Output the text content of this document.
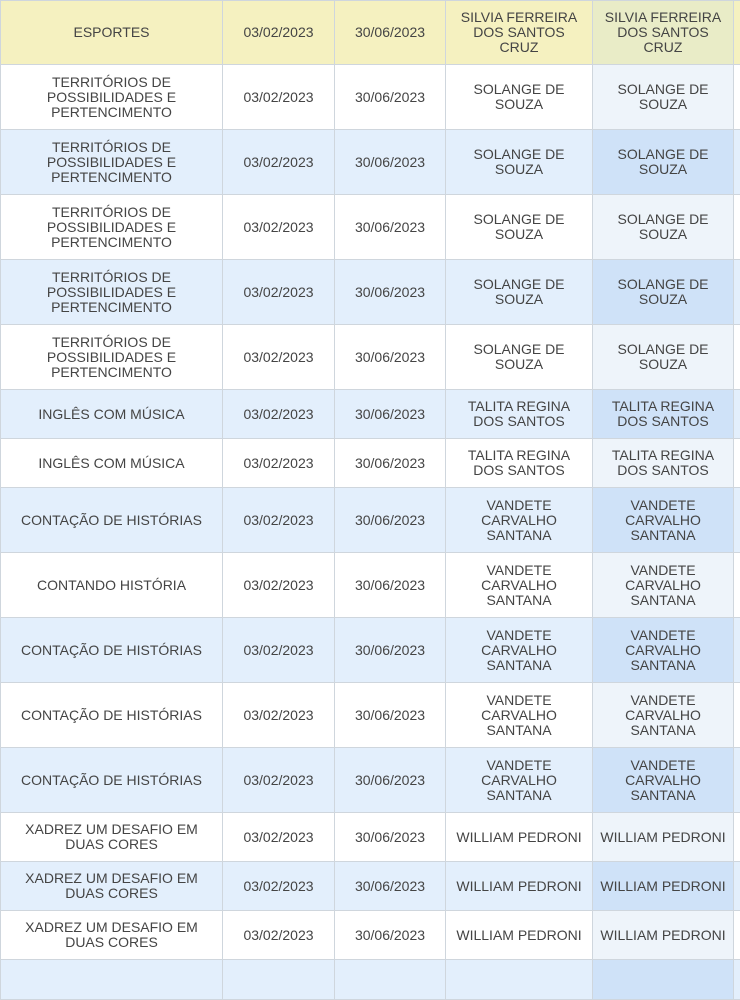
ESPORTES	03/02/2023	30/06/2023	SILVIA FERREIRA DOS SANTOS CRUZ	SILVIA FERREIRA DOS SANTOS CRUZ	
TERRITÓRIOS DE POSSIBILIDADES E PERTENCIMENTO	03/02/2023	30/06/2023	SOLANGE DE SOUZA	SOLANGE DE SOUZA	
TERRITÓRIOS DE POSSIBILIDADES E PERTENCIMENTO	03/02/2023	30/06/2023	SOLANGE DE SOUZA	SOLANGE DE SOUZA	
TERRITÓRIOS DE POSSIBILIDADES E PERTENCIMENTO	03/02/2023	30/06/2023	SOLANGE DE SOUZA	SOLANGE DE SOUZA	
TERRITÓRIOS DE POSSIBILIDADES E PERTENCIMENTO	03/02/2023	30/06/2023	SOLANGE DE SOUZA	SOLANGE DE SOUZA	
TERRITÓRIOS DE POSSIBILIDADES E PERTENCIMENTO	03/02/2023	30/06/2023	SOLANGE DE SOUZA	SOLANGE DE SOUZA	
INGLÊS COM MÚSICA	03/02/2023	30/06/2023	TALITA REGINA DOS SANTOS	TALITA REGINA DOS SANTOS	
INGLÊS COM MÚSICA	03/02/2023	30/06/2023	TALITA REGINA DOS SANTOS	TALITA REGINA DOS SANTOS	
CONTAÇÃO DE HISTÓRIAS	03/02/2023	30/06/2023	VANDETE CARVALHO SANTANA	VANDETE CARVALHO SANTANA	
CONTANDO HISTÓRIA	03/02/2023	30/06/2023	VANDETE CARVALHO SANTANA	VANDETE CARVALHO SANTANA	
CONTAÇÃO DE HISTÓRIAS	03/02/2023	30/06/2023	VANDETE CARVALHO SANTANA	VANDETE CARVALHO SANTANA	
CONTAÇÃO DE HISTÓRIAS	03/02/2023	30/06/2023	VANDETE CARVALHO SANTANA	VANDETE CARVALHO SANTANA	
CONTAÇÃO DE HISTÓRIAS	03/02/2023	30/06/2023	VANDETE CARVALHO SANTANA	VANDETE CARVALHO SANTANA	
XADREZ UM DESAFIO EM DUAS CORES	03/02/2023	30/06/2023	WILLIAM PEDRONI	WILLIAM PEDRONI	
XADREZ UM DESAFIO EM DUAS CORES	03/02/2023	30/06/2023	WILLIAM PEDRONI	WILLIAM PEDRONI	
XADREZ UM DESAFIO EM DUAS CORES	03/02/2023	30/06/2023	WILLIAM PEDRONI	WILLIAM PEDRONI	
